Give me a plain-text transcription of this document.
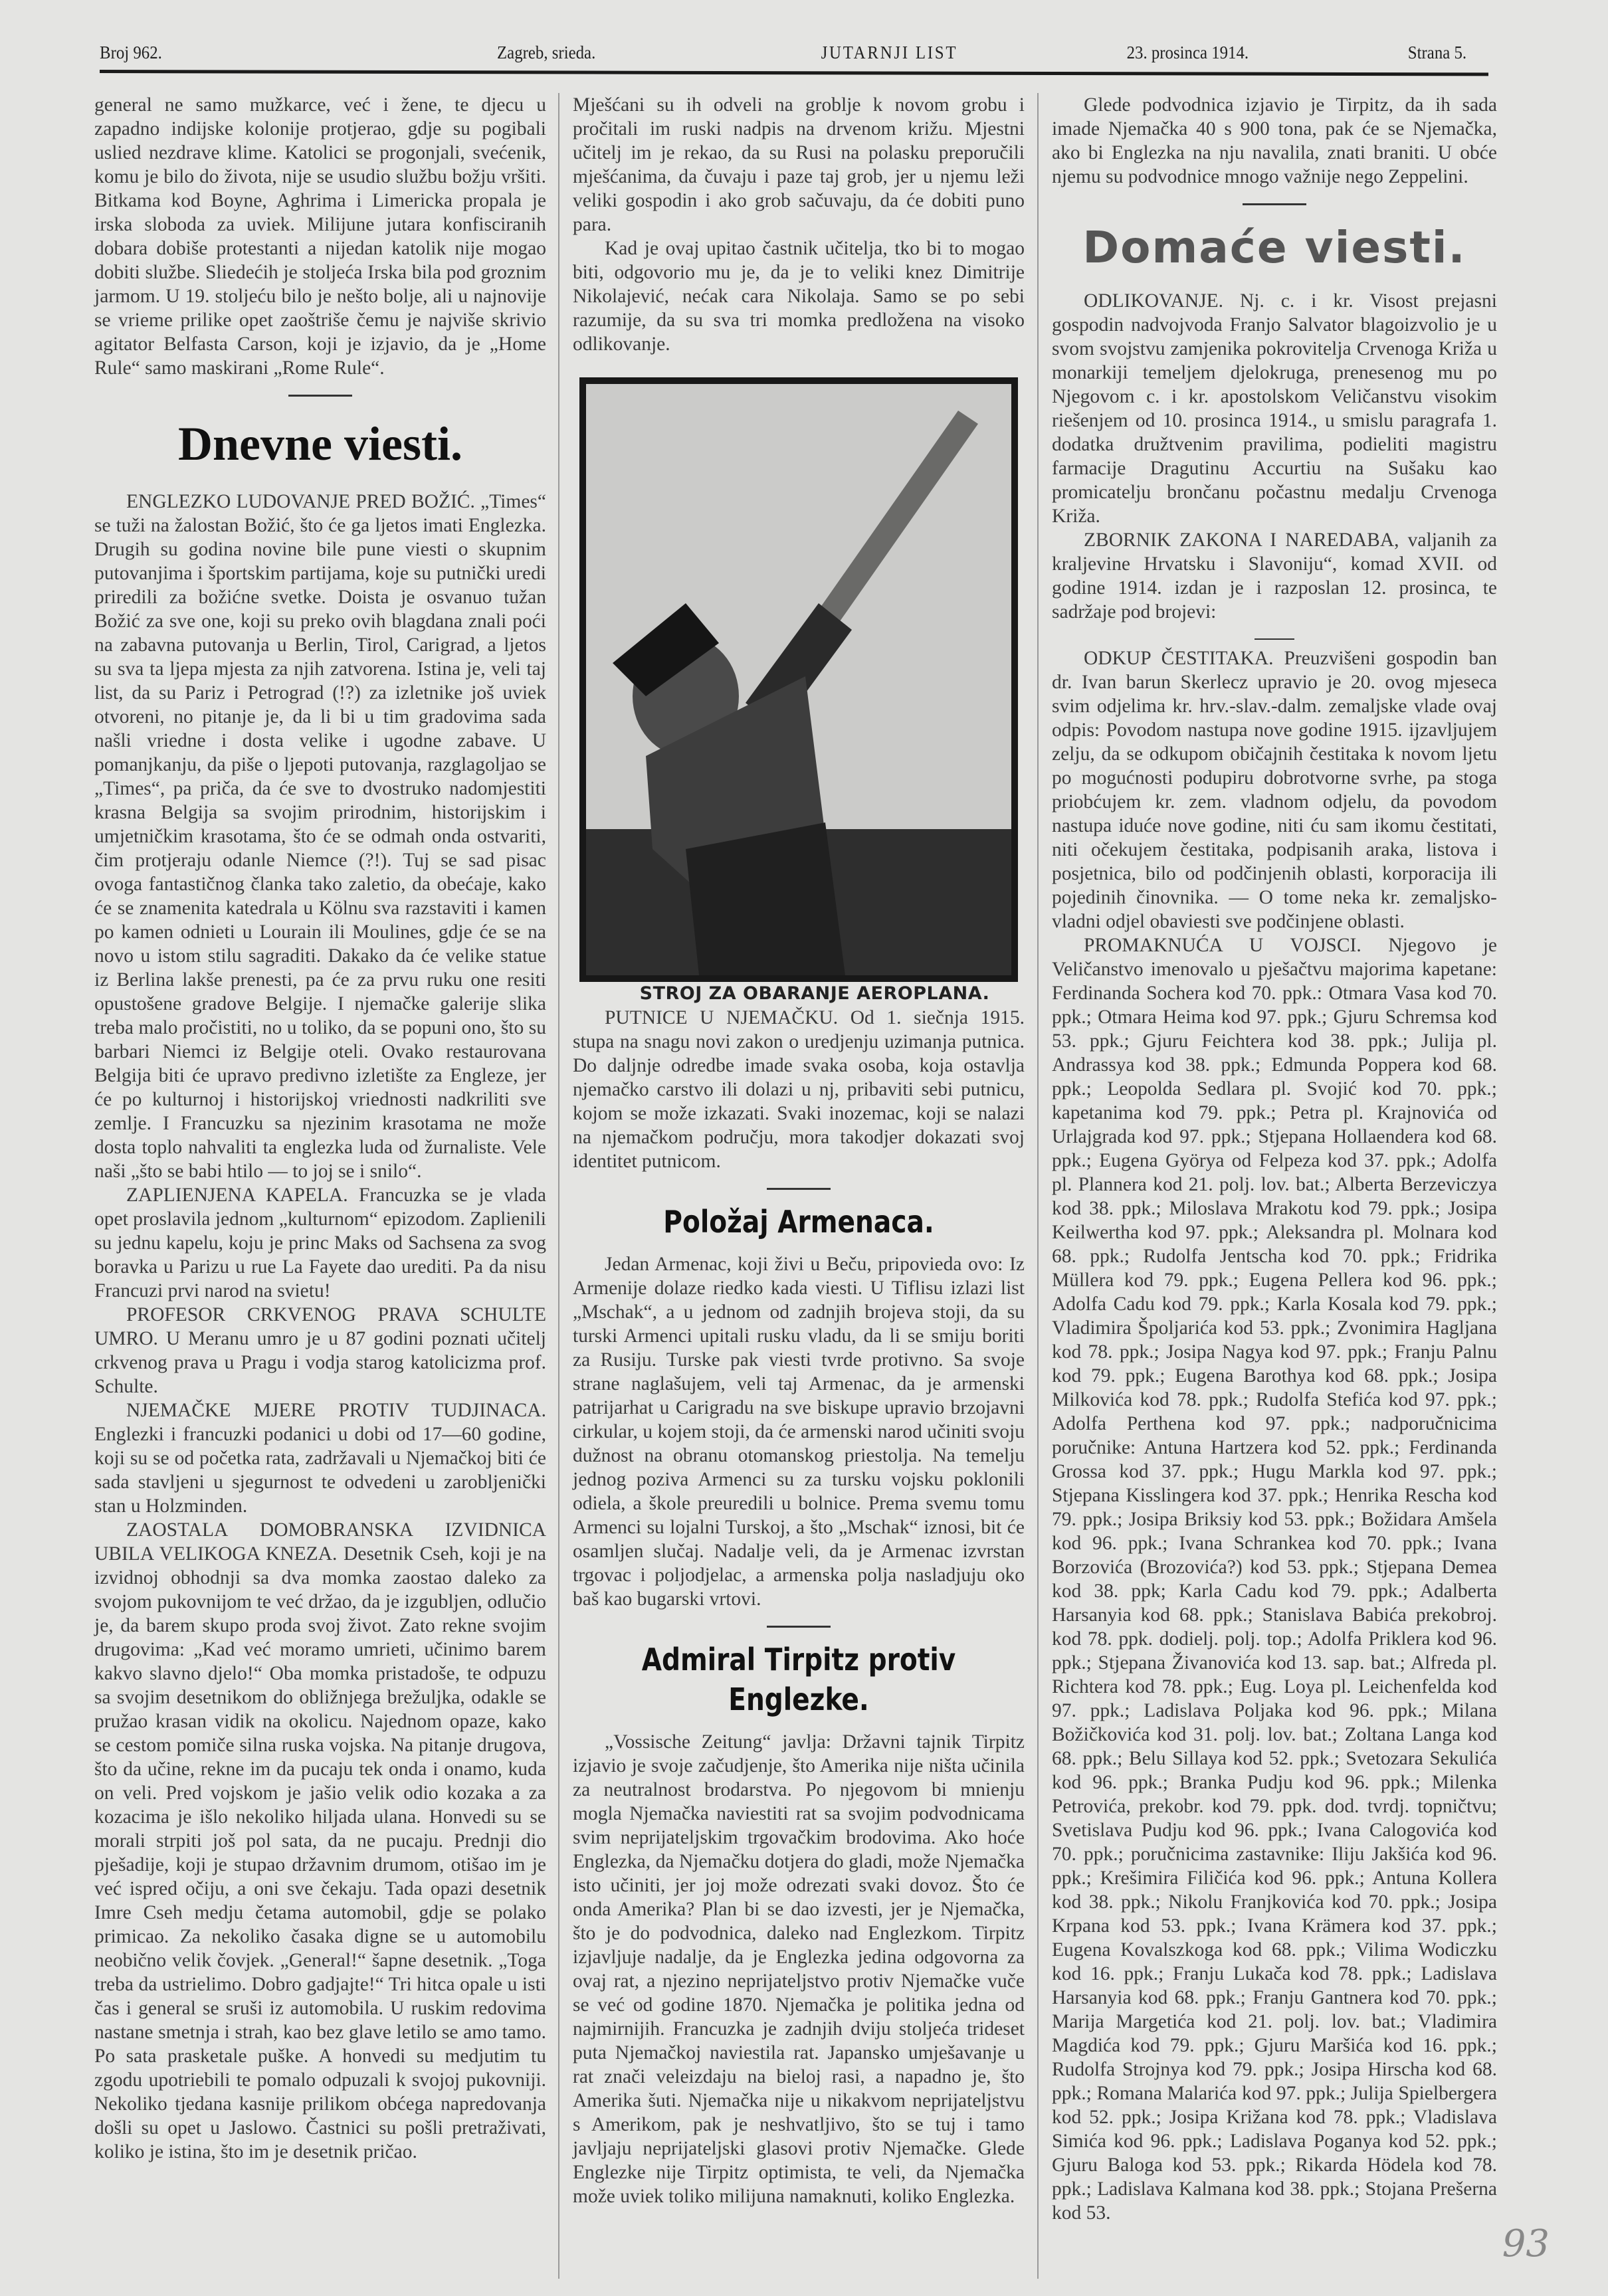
Broj 962.	Zagreb, srieda.	JUTARNJI LIST	23. prosinca 1914.	Strana 5.

general ne samo mužkarce, već i žene, te djecu u zapadno indijske kolonije protjerao, gdje su pogibali uslied nezdrave klime. Katolici se progonjali, svećenik, komu je bilo do života, nije se usudio službu božju vršiti. Bitkama kod Boyne, Aghrima i Limericka propala je irska sloboda za uviek. Milijune jutara konfisciranih dobara dobiše protestanti a nijedan katolik nije mogao dobiti službe. Sliedećih je stoljeća Irska bila pod groznim jarmom. U 19. stoljeću bilo je nešto bolje, ali u najnovije se vrieme prilike opet zaoštriše čemu je najviše skrivio agitator Belfasta Carson, koji je izjavio, da je „Home Rule“ samo maskirani „Rome Rule“.

Dnevne viesti.

ENGLEZKO LUDOVANJE PRED BOŽIĆ. „Times“ se tuži na žalostan Božić, što će ga ljetos imati Englezka. Drugih su godina novine bile pune viesti o skupnim putovanjima i športskim partijama, koje su putnički uredi priredili za božićne svetke. Doista je osvanuo tužan Božić za sve one, koji su preko ovih blagdana znali poći na zabavna putovanja u Berlin, Tirol, Carigrad, a ljetos su sva ta ljepa mjesta za njih zatvorena. Istina je, veli taj list, da su Pariz i Petrograd (!?) za izletnike još uviek otvoreni, no pitanje je, da li bi u tim gradovima sada našli vriedne i dosta velike i ugodne zabave. U pomanjkanju, da piše o ljepoti putovanja, razglagoljao se „Times“, pa priča, da će sve to dvostruko nadomjestiti krasna Belgija sa svojim prirodnim, historijskim i umjetničkim krasotama, što će se odmah onda ostvariti, čim protjeraju odanle Niemce (?!). Tuj se sad pisac ovoga fantastičnog članka tako zaletio, da obećaje, kako će se znamenita katedrala u Kölnu sva razstaviti i kamen po kamen odnieti u Lourain ili Moulines, gdje će se na novo u istom stilu sagraditi. Dakako da će velike statue iz Berlina lakše prenesti, pa će za prvu ruku one resiti opustošene gradove Belgije. I njemačke galerije slika treba malo pročistiti, no u toliko, da se popuni ono, što su barbari Niemci iz Belgije oteli. Ovako restaurovana Belgija biti će upravo predivno izletište za Engleze, jer će po kulturnoj i historijskoj vriednosti nadkriliti sve zemlje. I Francuzku sa njezinim krasotama ne može dosta toplo nahvaliti ta englezka luda od žurnaliste. Vele naši „što se babi htilo — to joj se i snilo“.

ZAPLIENJENA KAPELA. Francuzka se je vlada opet proslavila jednom „kulturnom“ epizodom. Zaplienili su jednu kapelu, koju je princ Maks od Sachsena za svog boravka u Parizu u rue La Fayete dao urediti. Pa da nisu Francuzi prvi narod na svietu!

PROFESOR CRKVENOG PRAVA SCHULTE UMRO. U Meranu umro je u 87 godini poznati učitelj crkvenog prava u Pragu i vodja starog katolicizma prof. Schulte.

NJEMAČKE MJERE PROTIV TUDJINACA. Englezki i francuzki podanici u dobi od 17—60 godine, koji su se od početka rata, zadržavali u Njemačkoj biti će sada stavljeni u sjegurnost te odvedeni u zarobljenički stan u Holzminden.

ZAOSTALA DOMOBRANSKA IZVIDNICA UBILA VELIKOGA KNEZA. Desetnik Cseh, koji je na izvidnoj obhodnji sa dva momka zaostao daleko za svojom pukovnijom te već držao, da je izgubljen, odlučio je, da barem skupo proda svoj život. Zato rekne svojim drugovima: „Kad već moramo umrieti, učinimo barem kakvo slavno djelo!“ Oba momka pristadoše, te odpuzu sa svojim desetnikom do obližnjega brežuljka, odakle se pružao krasan vidik na okolicu. Najednom opaze, kako se cestom pomiče silna ruska vojska. Na pitanje drugova, što da učine, rekne im da pucaju tek onda i onamo, kuda on veli. Pred vojskom je jašio velik odio kozaka a za kozacima je išlo nekoliko hiljada ulana. Honvedi su se morali strpiti još pol sata, da ne pucaju. Prednji dio pješadije, koji je stupao državnim drumom, otišao im je već ispred očiju, a oni sve čekaju. Tada opazi desetnik Imre Cseh medju četama automobil, gdje se polako primicao. Za nekoliko časaka digne se u automobilu neobično velik čovjek. „General!“ šapne desetnik. „Toga treba da ustrielimo. Dobro gadjajte!“ Tri hitca opale u isti čas i general se sruši iz automobila. U ruskim redovima nastane smetnja i strah, kao bez glave letilo se amo tamo. Po sata prasketale puške. A honvedi su medjutim tu zgodu upotriebili te pomalo odpuzali k svojoj pukovniji. Nekoliko tjedana kasnije prilikom obćega napredovanja došli su opet u Jaslowo. Častnici su pošli pretraživati, koliko je istina, što im je desetnik pričao.

Mješćani su ih odveli na groblje k novom grobu i pročitali im ruski nadpis na drvenom križu. Mjestni učitelj im je rekao, da su Rusi na polasku preporučili mješćanima, da čuvaju i paze taj grob, jer u njemu leži veliki gospodin i ako grob sačuvaju, da će dobiti puno para.

Kad je ovaj upitao častnik učitelja, tko bi to mogao biti, odgovorio mu je, da je to veliki knez Dimitrije Nikolajević, nećak cara Nikolaja. Samo se po sebi razumije, da su sva tri momka predložena na visoko odlikovanje.

STROJ ZA OBARANJE AEROPLANA.

PUTNICE U NJEMAČKU. Od 1. siečnja 1915. stupa na snagu novi zakon o uredjenju uzimanja putnica. Do daljnje odredbe imade svaka osoba, koja ostavlja njemačko carstvo ili dolazi u nj, pribaviti sebi putnicu, kojom se može izkazati. Svaki inozemac, koji se nalazi na njemačkom području, mora takodjer dokazati svoj identitet putnicom.

Položaj Armenaca.

Jedan Armenac, koji živi u Beču, pripovieda ovo: Iz Armenije dolaze riedko kada viesti. U Tiflisu izlazi list „Mschak“, a u jednom od zadnjih brojeva stoji, da su turski Armenci upitali rusku vladu, da li se smiju boriti za Rusiju. Turske pak viesti tvrde protivno. Sa svoje strane naglašujem, veli taj Armenac, da je armenski patrijarhat u Carigradu na sve biskupe upravio brzojavni cirkular, u kojem stoji, da će armenski narod učiniti svoju dužnost na obranu otomanskog priestolja. Na temelju jednog poziva Armenci su za tursku vojsku poklonili odiela, a škole preuredili u bolnice. Prema svemu tomu Armenci su lojalni Turskoj, a što „Mschak“ iznosi, bit će osamljen slučaj. Nadalje veli, da je Armenac izvrstan trgovac i poljodjelac, a armenska polja nasladjuju oko baš kao bugarski vrtovi.

Admiral Tirpitz protiv Englezke.

„Vossische Zeitung“ javlja: Državni tajnik Tirpitz izjavio je svoje začudjenje, što Amerika nije ništa učinila za neutralnost brodarstva. Po njegovom bi mnienju mogla Njemačka naviestiti rat sa svojim podvodnicama svim neprijateljskim trgovačkim brodovima. Ako hoće Englezka, da Njemačku dotjera do gladi, može Njemačka isto učiniti, jer joj može odrezati svaki dovoz. Što će onda Amerika? Plan bi se dao izvesti, jer je Njemačka, što je do podvodnica, daleko nad Englezkom. Tirpitz izjavljuje nadalje, da je Englezka jedina odgovorna za ovaj rat, a njezino neprijateljstvo protiv Njemačke vuče se već od godine 1870. Njemačka je politika jedna od najmirnijih. Francuzka je zadnjih dviju stoljeća trideset puta Njemačkoj naviestila rat. Japansko umješavanje u rat znači veleizdaju na bieloj rasi, a napadno je, što Amerika šuti. Njemačka nije u nikakvom neprijateljstvu s Amerikom, pak je neshvatljivo, što se tuj i tamo javljaju neprijateljski glasovi protiv Njemačke. Glede Englezke nije Tirpitz optimista, te veli, da Njemačka može uviek toliko milijuna namaknuti, koliko Englezka.

Glede podvodnica izjavio je Tirpitz, da ih sada imade Njemačka 40 s 900 tona, pak će se Njemačka, ako bi Englezka na nju navalila, znati braniti. U obće njemu su podvodnice mnogo važnije nego Zeppelini.

Domaće viesti.

ODLIKOVANJE. Nj. c. i kr. Visost prejasni gospodin nadvojvoda Franjo Salvator blagoizvolio je u svom svojstvu zamjenika pokrovitelja Crvenoga Križa u monarkiji temeljem djelokruga, prenesenog mu po Njegovom c. i kr. apostolskom Veličanstvu visokim riešenjem od 10. prosinca 1914., u smislu paragrafa 1. dodatka družtvenim pravilima, podieliti magistru farmacije Dragutinu Accurtiu na Sušaku kao promicatelju brončanu počastnu medalju Crvenoga Križa.

ZBORNIK ZAKONA I NAREDABA, valjanih za kraljevine Hrvatsku i Slavoniju“, komad XVII. od godine 1914. izdan je i razposlan 12. prosinca, te sadržaje pod brojevi:

ODKUP ČESTITAKA. Preuzvišeni gospodin ban dr. Ivan barun Skerlecz upravio je 20. ovog mjeseca svim odjelima kr. hrv.-slav.-dalm. zemaljske vlade ovaj odpis: Povodom nastupa nove godine 1915. ijzavljujem zelju, da se odkupom običajnih čestitaka k novom ljetu po mogućnosti podupiru dobrotvorne svrhe, pa stoga priobćujem kr. zem. vladnom odjelu, da povodom nastupa iduće nove godine, niti ću sam ikomu čestitati, niti očekujem čestitaka, podpisanih araka, listova i posjetnica, bilo od podčinjenih oblasti, korporacija ili pojedinih činovnika. — O tome neka kr. zemaljsko-vladni odjel obaviesti sve podčinjene oblasti.

PROMAKNUĆA U VOJSCI. Njegovo je Veličanstvo imenovalo u pješačtvu majorima kapetane: Ferdinanda Sochera kod 70. ppk.: Otmara Vasa kod 70. ppk.; Otmara Heima kod 97. ppk.; Gjuru Schremsa kod 53. ppk.; Gjuru Feichtera kod 38. ppk.; Julija pl. Andrassya kod 38. ppk.; Edmunda Poppera kod 68. ppk.; Leopolda Sedlara pl. Svojić kod 70. ppk.; kapetanima kod 79. ppk.; Petra pl. Krajnovića od Urlajgrada kod 97. ppk.; Stjepana Hollaendera kod 68. ppk.; Eugena Györya od Felpeza kod 37. ppk.; Adolfa pl. Plannera kod 21. polj. lov. bat.; Alberta Berzeviczya kod 38. ppk.; Miloslava Mrakotu kod 79. ppk.; Josipa Keilwertha kod 97. ppk.; Aleksandra pl. Molnara kod 68. ppk.; Rudolfa Jentscha kod 70. ppk.; Fridrika Müllera kod 79. ppk.; Eugena Pellera kod 96. ppk.; Adolfa Cadu kod 79. ppk.; Karla Kosala kod 79. ppk.; Vladimira Špoljarića kod 53. ppk.; Zvonimira Hagljana kod 78. ppk.; Josipa Nagya kod 97. ppk.; Franju Palnu kod 79. ppk.; Eugena Barothya kod 68. ppk.; Josipa Milkovića kod 78. ppk.; Rudolfa Stefića kod 97. ppk.; Adolfa Perthena kod 97. ppk.; nadporučnicima poručnike: Antuna Hartzera kod 52. ppk.; Ferdinanda Grossa kod 37. ppk.; Hugu Markla kod 97. ppk.; Stjepana Kisslingera kod 37. ppk.; Henrika Rescha kod 79. ppk.; Josipa Briksiy kod 53. ppk.; Božidara Amšela kod 96. ppk.; Ivana Schrankea kod 70. ppk.; Ivana Borzovića (Brozovića?) kod 53. ppk.; Stjepana Demea kod 38. ppk; Karla Cadu kod 79. ppk.; Adalberta Harsanyia kod 68. ppk.; Stanislava Babića prekobroj. kod 78. ppk. dodielj. polj. top.; Adolfa Priklera kod 96. ppk.; Stjepana Živanovića kod 13. sap. bat.; Alfreda pl. Richtera kod 78. ppk.; Eug. Loya pl. Leichenfelda kod 97. ppk.; Ladislava Poljaka kod 96. ppk.; Milana Božičkovića kod 31. polj. lov. bat.; Zoltana Langa kod 68. ppk.; Belu Sillaya kod 52. ppk.; Svetozara Sekulića kod 96. ppk.; Branka Pudju kod 96. ppk.; Milenka Petrovića, prekobr. kod 79. ppk. dod. tvrdj. topničtvu; Svetislava Pudju kod 96. ppk.; Ivana Calogovića kod 70. ppk.; poručnicima zastavnike: Iliju Jakšića kod 96. ppk.; Krešimira Filičića kod 96. ppk.; Antuna Kollera kod 38. ppk.; Nikolu Franjkovića kod 70. ppk.; Josipa Krpana kod 53. ppk.; Ivana Krämera kod 37. ppk.; Eugena Kovalszkoga kod 68. ppk.; Vilima Wodiczku kod 16. ppk.; Franju Lukača kod 78. ppk.; Ladislava Harsanyia kod 68. ppk.; Franju Gantnera kod 70. ppk.; Marija Margetića kod 21. polj. lov. bat.; Vladimira Magdića kod 79. ppk.; Gjuru Maršića kod 16. ppk.; Rudolfa Strojnya kod 79. ppk.; Josipa Hirscha kod 68. ppk.; Romana Malarića kod 97. ppk.; Julija Spielbergera kod 52. ppk.; Josipa Križana kod 78. ppk.; Vladislava Simića kod 96. ppk.; Ladislava Poganya kod 52. ppk.; Gjuru Baloga kod 53. ppk.; Rikarda Hödela kod 78. ppk.; Ladislava Kalmana kod 38. ppk.; Stojana Prešerna kod 53.

93
